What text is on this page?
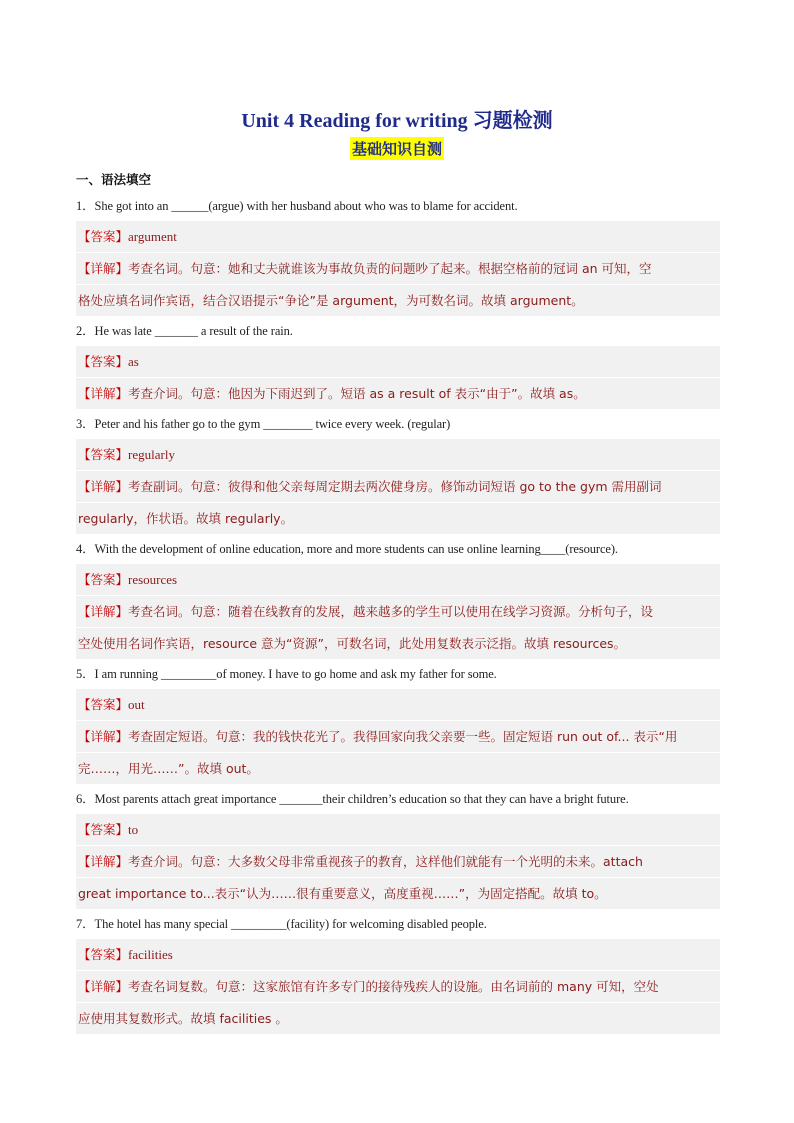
Unit 4 Reading for writing 习题检测
基础知识自测
一、语法填空
1．She got into an ______(argue) with her husband about who was to blame for accident.
【答案】argument
【详解】考查名词。句意：她和丈夫就谁该为事故负责的问题吵了起来。根据空格前的冠词 an 可知，空
格处应填名词作宾语，结合汉语提示“争论”是 argument，为可数名词。故填 argument。
2．He was late _______ a result of the rain.
【答案】as
【详解】考查介词。句意：他因为下雨迟到了。短语 as a result of 表示“由于”。故填 as。
3．Peter and his father go to the gym ________ twice every week. (regular)
【答案】regularly
【详解】考查副词。句意：彼得和他父亲每周定期去两次健身房。修饰动词短语 go to the gym 需用副词
regularly，作状语。故填 regularly。
4．With the development of online education, more and more students can use online learning____(resource).
【答案】resources
【详解】考查名词。句意：随着在线教育的发展，越来越多的学生可以使用在线学习资源。分析句子，设
空处使用名词作宾语，resource 意为“资源”，可数名词，此处用复数表示泛指。故填 resources。
5．I am running _________of money. I have to go home and ask my father for some.
【答案】out
【详解】考查固定短语。句意：我的钱快花光了。我得回家向我父亲要一些。固定短语 run out of... 表示“用
完……，用光……”。故填 out。
6．Most parents attach great importance _______their children’s education so that they can have a bright future.
【答案】to
【详解】考查介词。句意：大多数父母非常重视孩子的教育，这样他们就能有一个光明的未来。attach
great importance to...表示“认为……很有重要意义，高度重视……”，为固定搭配。故填 to。
7．The hotel has many special _________(facility) for welcoming disabled people.
【答案】facilities
【详解】考查名词复数。句意：这家旅馆有许多专门的接待残疾人的设施。由名词前的 many 可知，空处
应使用其复数形式。故填 facilities 。
